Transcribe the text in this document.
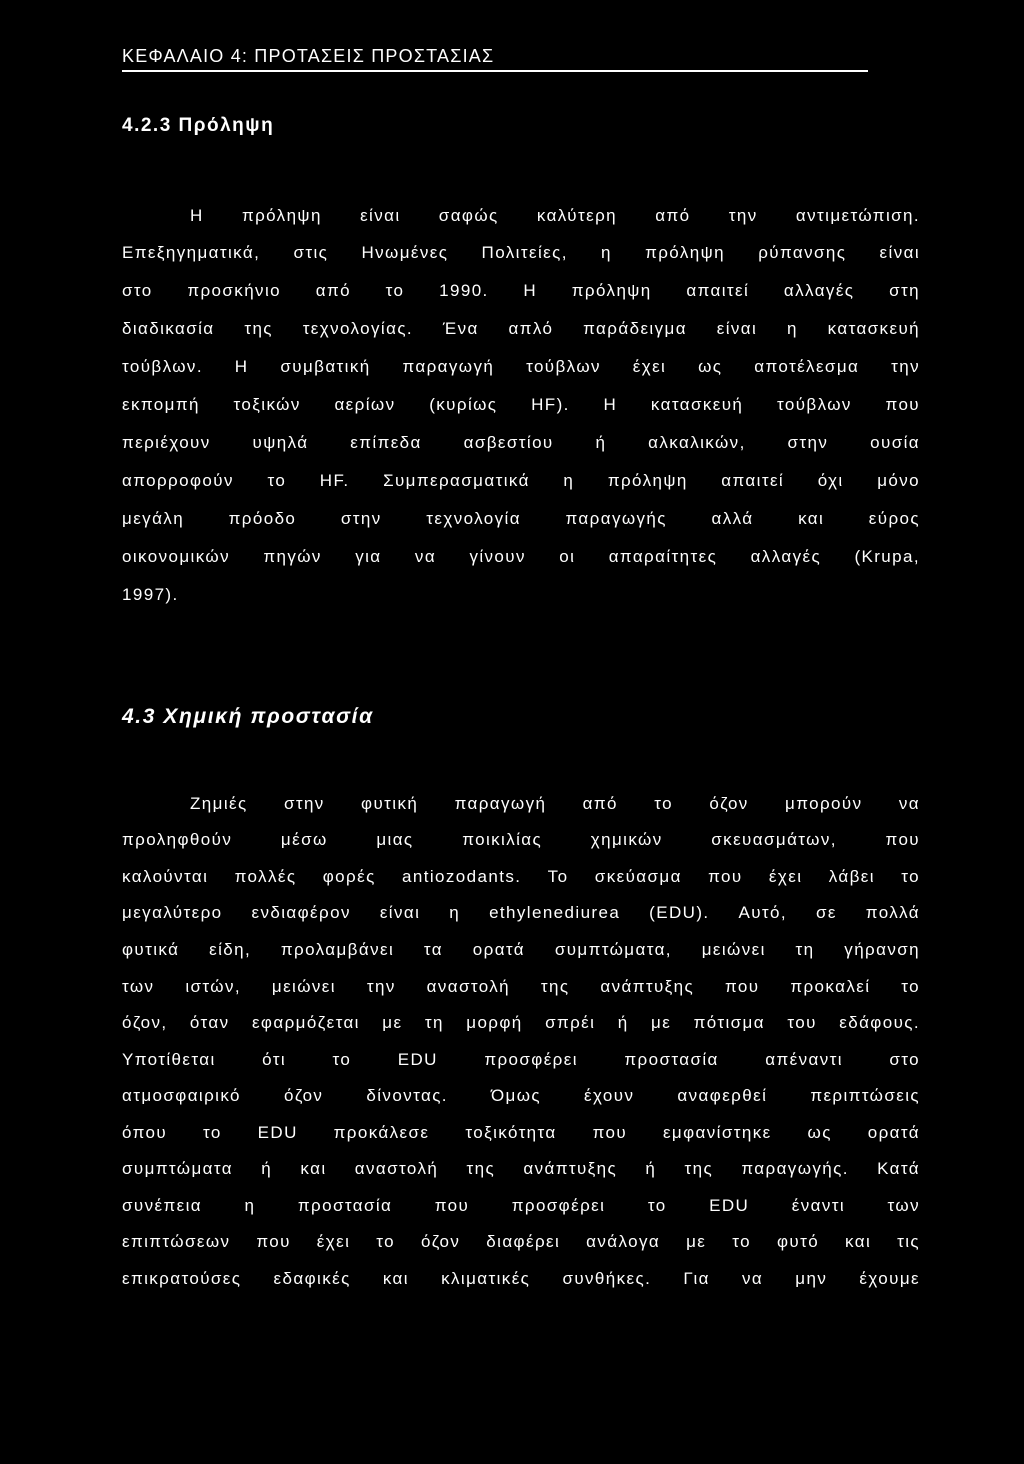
ΚΕΦΑΛΑΙΟ 4: ΠΡΟΤΑΣΕΙΣ ΠΡΟΣΤΑΣΙΑΣ
4.2.3 Πρόληψη
Η πρόληψη είναι σαφώς καλύτερη από την αντιμετώπιση.
Επεξηγηματικά, στις Ηνωμένες Πολιτείες, η πρόληψη ρύπανσης είναι
στο προσκήνιο από το 1990. Η πρόληψη απαιτεί αλλαγές στη
διαδικασία της τεχνολογίας. Ένα απλό παράδειγμα είναι η κατασκευή
τούβλων. Η συμβατική παραγωγή τούβλων έχει ως αποτέλεσμα την
εκπομπή τοξικών αερίων (κυρίως HF). Η κατασκευή τούβλων που
περιέχουν υψηλά επίπεδα ασβεστίου ή αλκαλικών, στην ουσία
απορροφούν το HF. Συμπερασματικά η πρόληψη απαιτεί όχι μόνο
μεγάλη πρόοδο στην τεχνολογία παραγωγής αλλά και εύρος
οικονομικών πηγών για να γίνουν οι απαραίτητες αλλαγές (Krupa,
1997).
4.3 Χημική προστασία
Ζημιές στην φυτική παραγωγή από το όζον μπορούν να
προληφθούν μέσω μιας ποικιλίας χημικών σκευασμάτων, που
καλούνται πολλές φορές antiozodants. Το σκεύασμα που έχει λάβει το
μεγαλύτερο ενδιαφέρον είναι η ethylenediurea (EDU). Αυτό, σε πολλά
φυτικά είδη, προλαμβάνει τα ορατά συμπτώματα, μειώνει τη γήρανση
των ιστών, μειώνει την αναστολή της ανάπτυξης που προκαλεί το
όζον, όταν εφαρμόζεται με τη μορφή σπρέι ή με πότισμα του εδάφους.
Υποτίθεται ότι το EDU προσφέρει προστασία απέναντι στο
ατμοσφαιρικό όζον δίνοντας. Όμως έχουν αναφερθεί περιπτώσεις
όπου το EDU προκάλεσε τοξικότητα που εμφανίστηκε ως ορατά
συμπτώματα ή και αναστολή της ανάπτυξης ή της παραγωγής. Κατά
συνέπεια η προστασία που προσφέρει το EDU έναντι των
επιπτώσεων που έχει το όζον διαφέρει ανάλογα με το φυτό και τις
επικρατούσες εδαφικές και κλιματικές συνθήκες. Για να μην έχουμε
